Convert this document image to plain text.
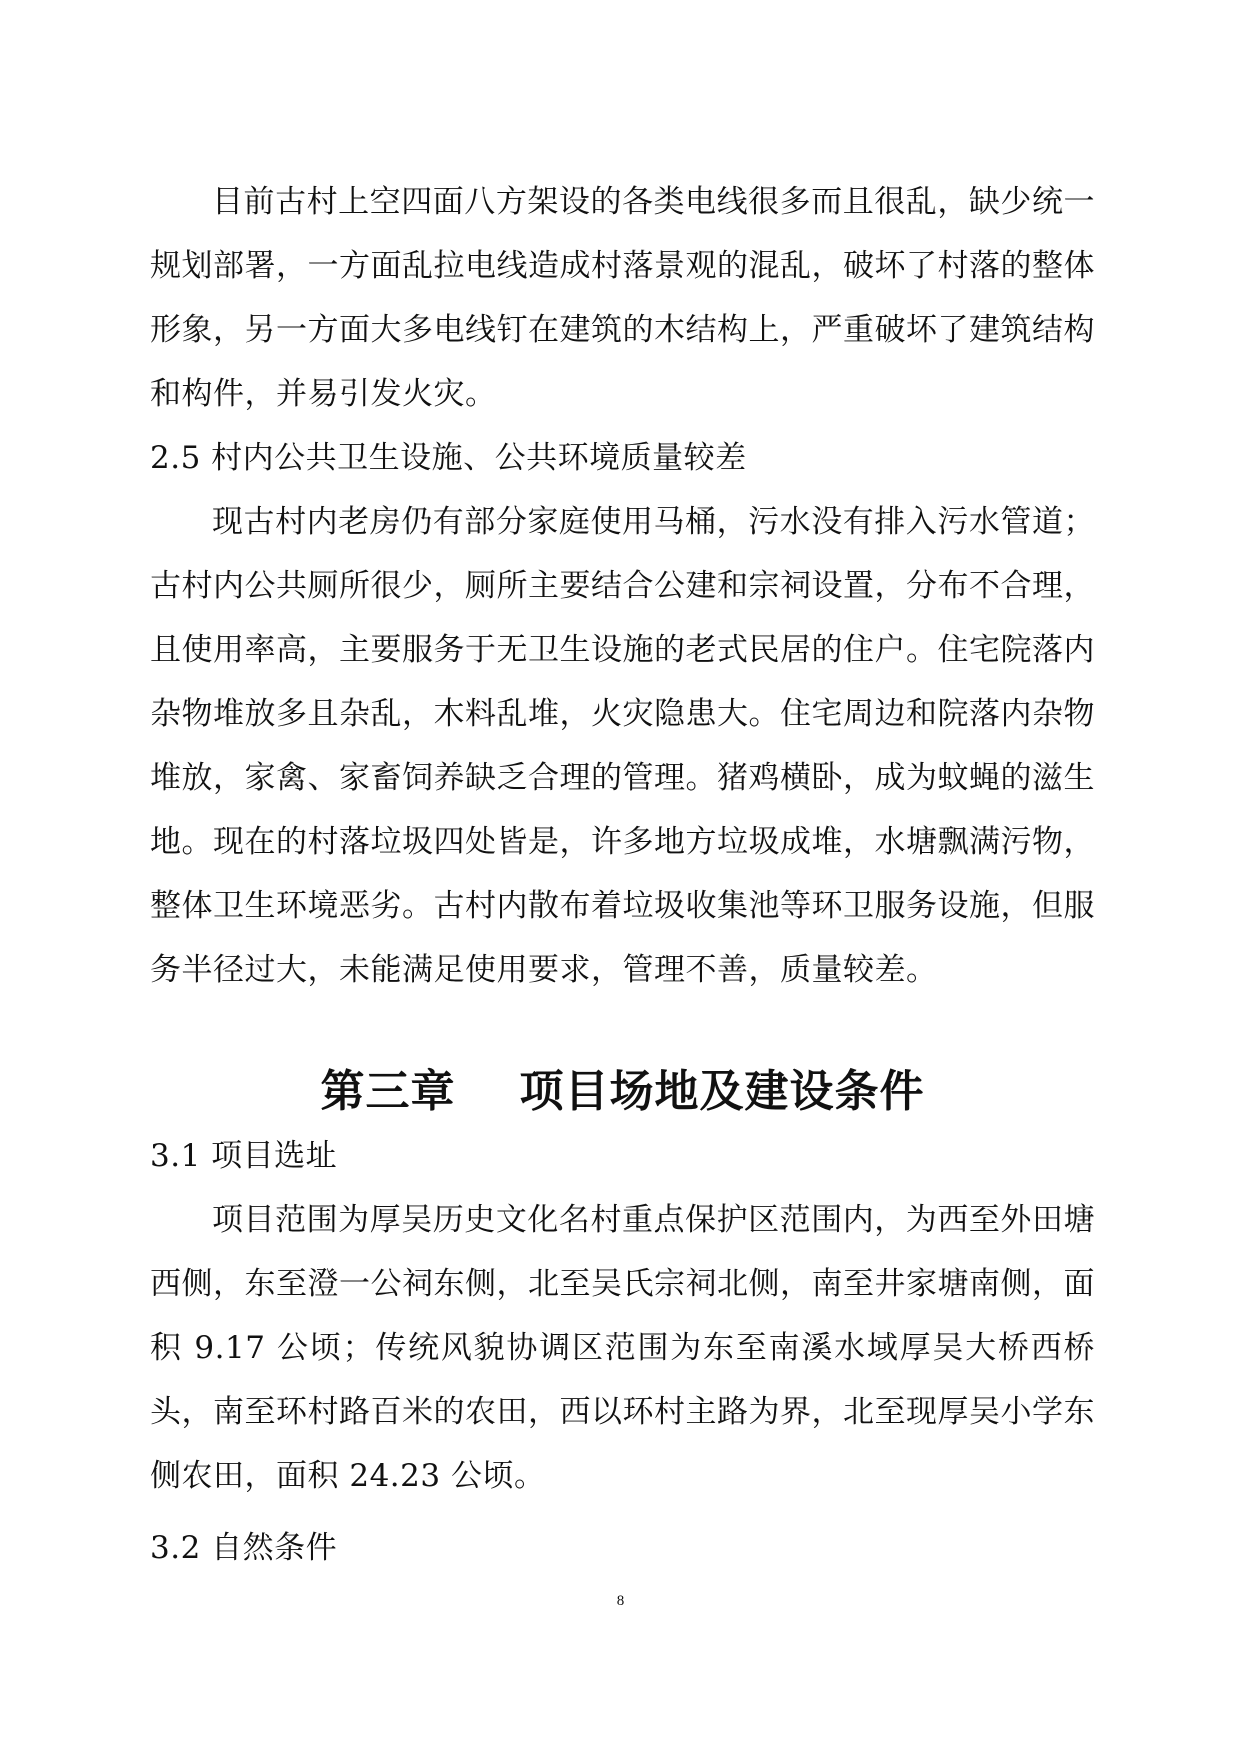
目前古村上空四面八方架设的各类电线很多而且很乱，缺少统一规划部署，一方面乱拉电线造成村落景观的混乱，破坏了村落的整体形象，另一方面大多电线钉在建筑的木结构上，严重破坏了建筑结构和构件，并易引发火灾。

2.5 村内公共卫生设施、公共环境质量较差

现古村内老房仍有部分家庭使用马桶，污水没有排入污水管道；古村内公共厕所很少，厕所主要结合公建和宗祠设置，分布不合理，且使用率高，主要服务于无卫生设施的老式民居的住户。住宅院落内杂物堆放多且杂乱，木料乱堆，火灾隐患大。住宅周边和院落内杂物堆放，家禽、家畜饲养缺乏合理的管理。猪鸡横卧，成为蚊蝇的滋生地。现在的村落垃圾四处皆是，许多地方垃圾成堆，水塘飘满污物，整体卫生环境恶劣。古村内散布着垃圾收集池等环卫服务设施，但服务半径过大，未能满足使用要求，管理不善，质量较差。

第三章 项目场地及建设条件

3.1 项目选址

项目范围为厚吴历史文化名村重点保护区范围内，为西至外田塘西侧，东至澄一公祠东侧，北至吴氏宗祠北侧，南至井家塘南侧，面积 9.17 公顷；传统风貌协调区范围为东至南溪水域厚吴大桥西桥头，南至环村路百米的农田，西以环村主路为界，北至现厚吴小学东侧农田，面积 24.23 公顷。

3.2 自然条件

8
